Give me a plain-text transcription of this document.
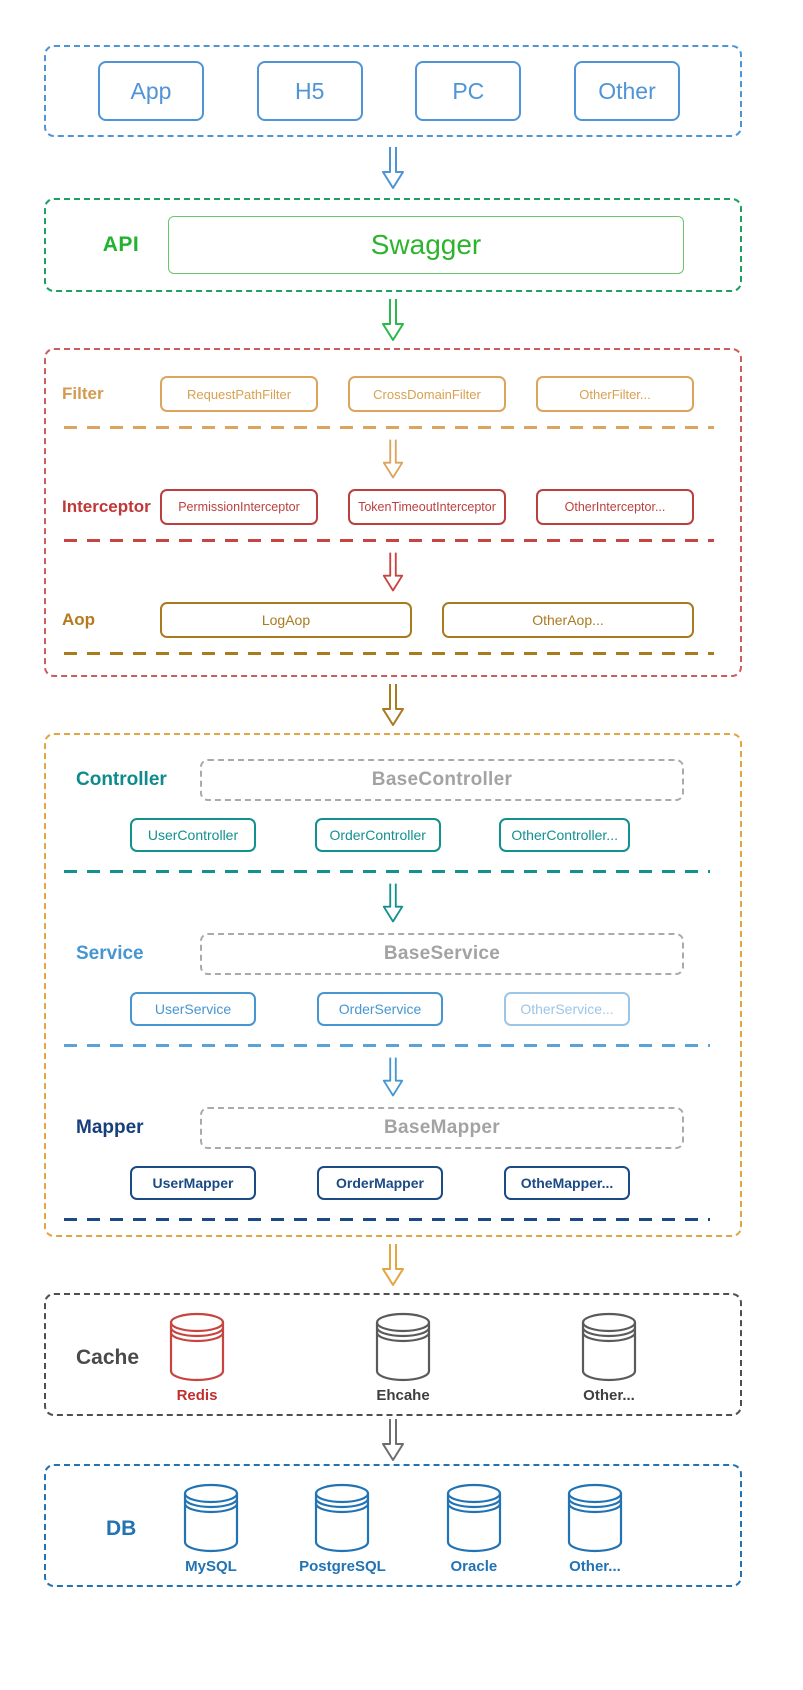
App	H5	PC	Other
API	Swagger
Filter	RequestPathFilter	CrossDomainFilter	OtherFilter...
Interceptor	PermissionInterceptor	TokenTimeoutInterceptor	OtherInterceptor...
Aop	LogAop	OtherAop...
Controller	BaseController
UserController	OrderController	OtherController...
Service	BaseService
UserService	OrderService	OtherService...
Mapper	BaseMapper
UserMapper	OrderMapper	OtheMapper...
Cache
Redis	Ehcahe	Other...
DB
MySQL	PostgreSQL	Oracle	Other...
